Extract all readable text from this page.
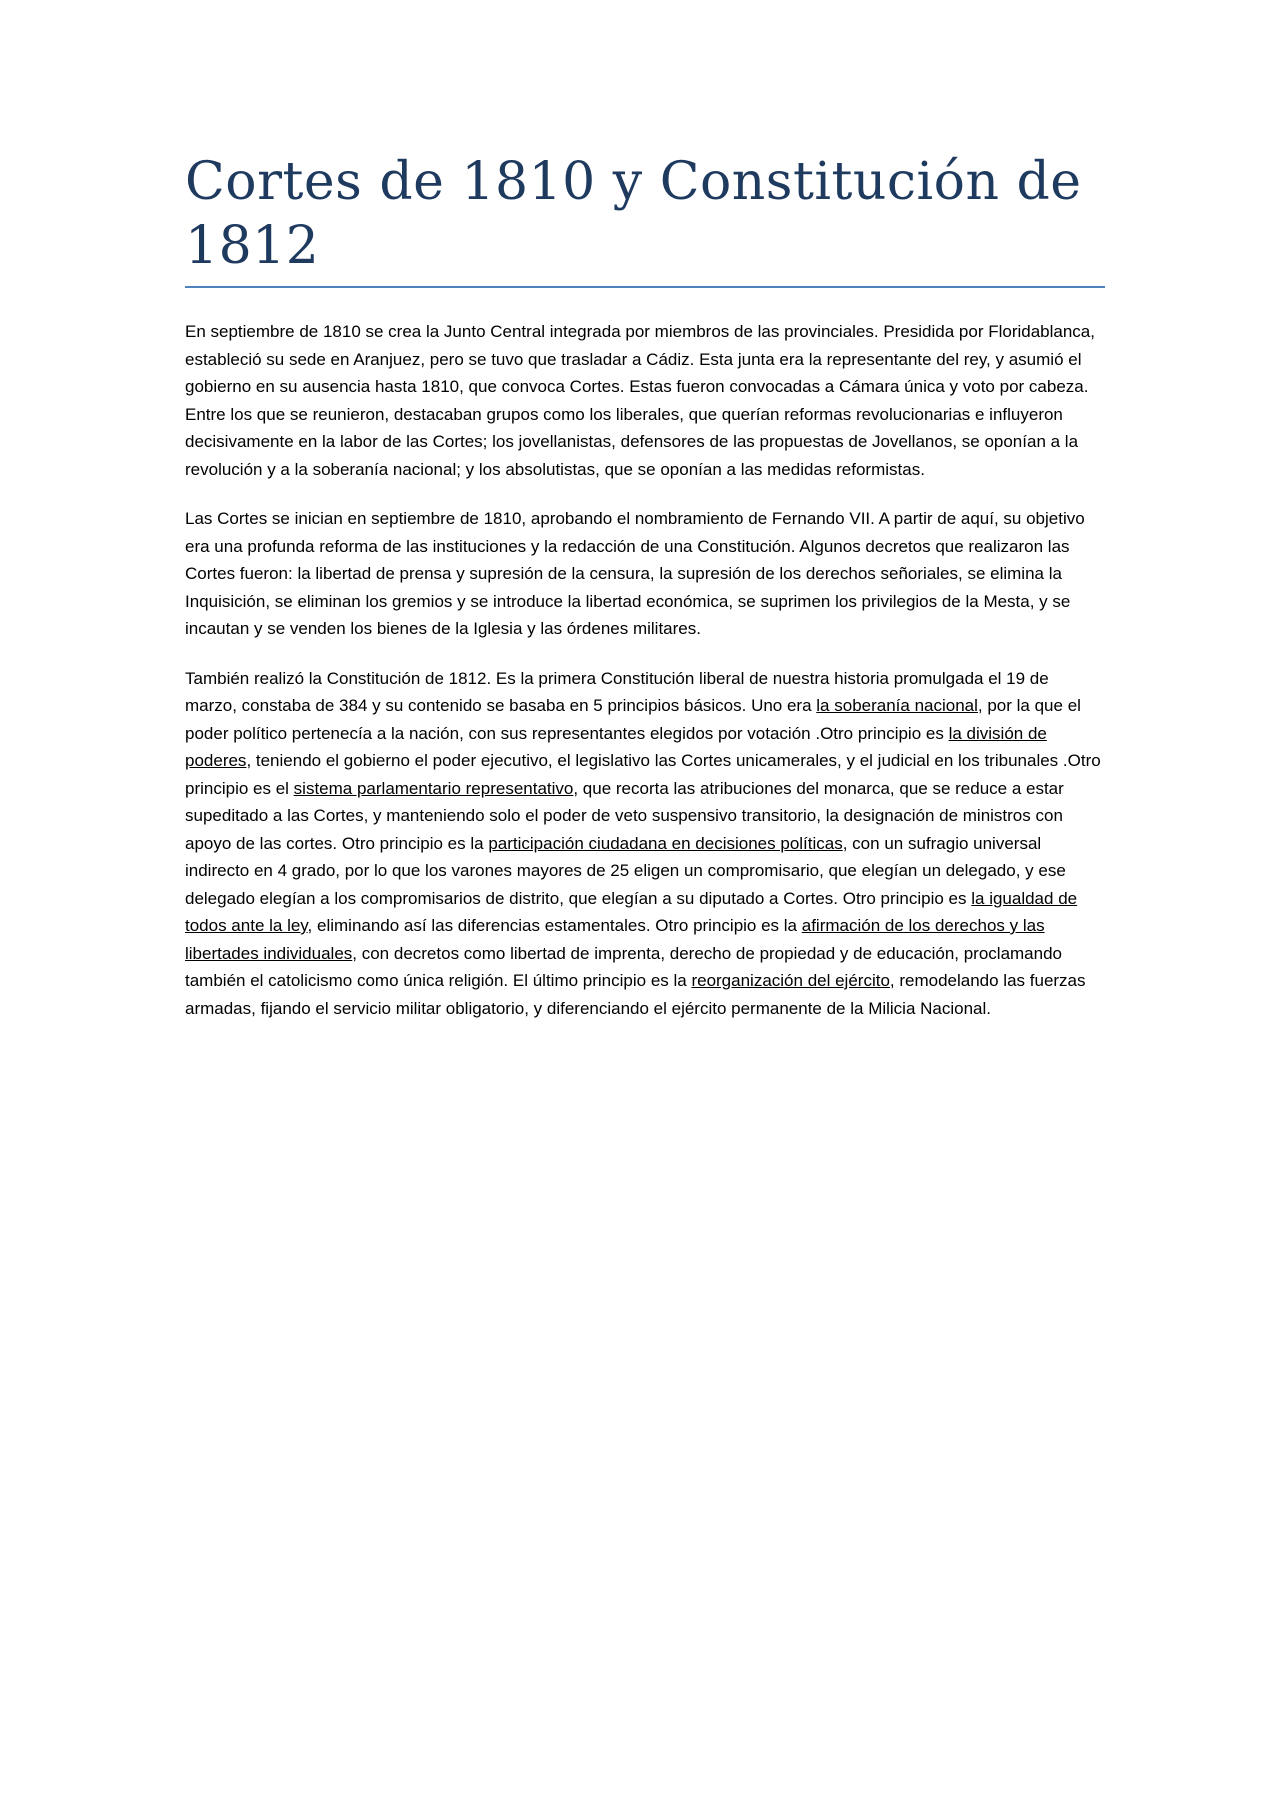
Cortes de 1810 y Constitución de 1812

En septiembre de 1810 se crea la Junto Central integrada por miembros de las provinciales. Presidida por Floridablanca, estableció su sede en Aranjuez, pero se tuvo que trasladar a Cádiz. Esta junta era la representante del rey, y asumió el gobierno en su ausencia hasta 1810, que convoca Cortes. Estas fueron convocadas a Cámara única y voto por cabeza. Entre los que se reunieron, destacaban grupos como los liberales, que querían reformas revolucionarias e influyeron decisivamente en la labor de las Cortes; los jovellanistas, defensores de las propuestas de Jovellanos, se oponían a la revolución y a la soberanía nacional; y los absolutistas, que se oponían a las medidas reformistas.

Las Cortes se inician en septiembre de 1810, aprobando el nombramiento de Fernando VII. A partir de aquí, su objetivo era una profunda reforma de las instituciones y la redacción de una Constitución. Algunos decretos que realizaron las Cortes fueron: la libertad de prensa y supresión de la censura, la supresión de los derechos señoriales, se elimina la Inquisición, se eliminan los gremios y se introduce la libertad económica, se suprimen los privilegios de la Mesta, y se incautan y se venden los bienes de la Iglesia y las órdenes militares.

También realizó la Constitución de 1812. Es la primera Constitución liberal de nuestra historia promulgada el 19 de marzo, constaba de 384 y su contenido se basaba en 5 principios básicos. Uno era la soberanía nacional, por la que el poder político pertenecía a la nación, con sus representantes elegidos por votación .Otro principio es la división de poderes, teniendo el gobierno el poder ejecutivo, el legislativo las Cortes unicamerales, y el judicial en los tribunales .Otro principio es el sistema parlamentario representativo, que recorta las atribuciones del monarca, que se reduce a estar supeditado a las Cortes, y manteniendo solo el poder de veto suspensivo transitorio, la designación de ministros con apoyo de las cortes. Otro principio es la participación ciudadana en decisiones políticas, con un sufragio universal indirecto en 4 grado, por lo que los varones mayores de 25 eligen un compromisario, que elegían un delegado, y ese delegado elegían a los compromisarios de distrito, que elegían a su diputado a Cortes. Otro principio es la igualdad de todos ante la ley, eliminando así las diferencias estamentales. Otro principio es la afirmación de los derechos y las libertades individuales, con decretos como libertad de imprenta, derecho de propiedad y de educación, proclamando también el catolicismo como única religión. El último principio es la reorganización del ejército, remodelando las fuerzas armadas, fijando el servicio militar obligatorio, y diferenciando el ejército permanente de la Milicia Nacional.
